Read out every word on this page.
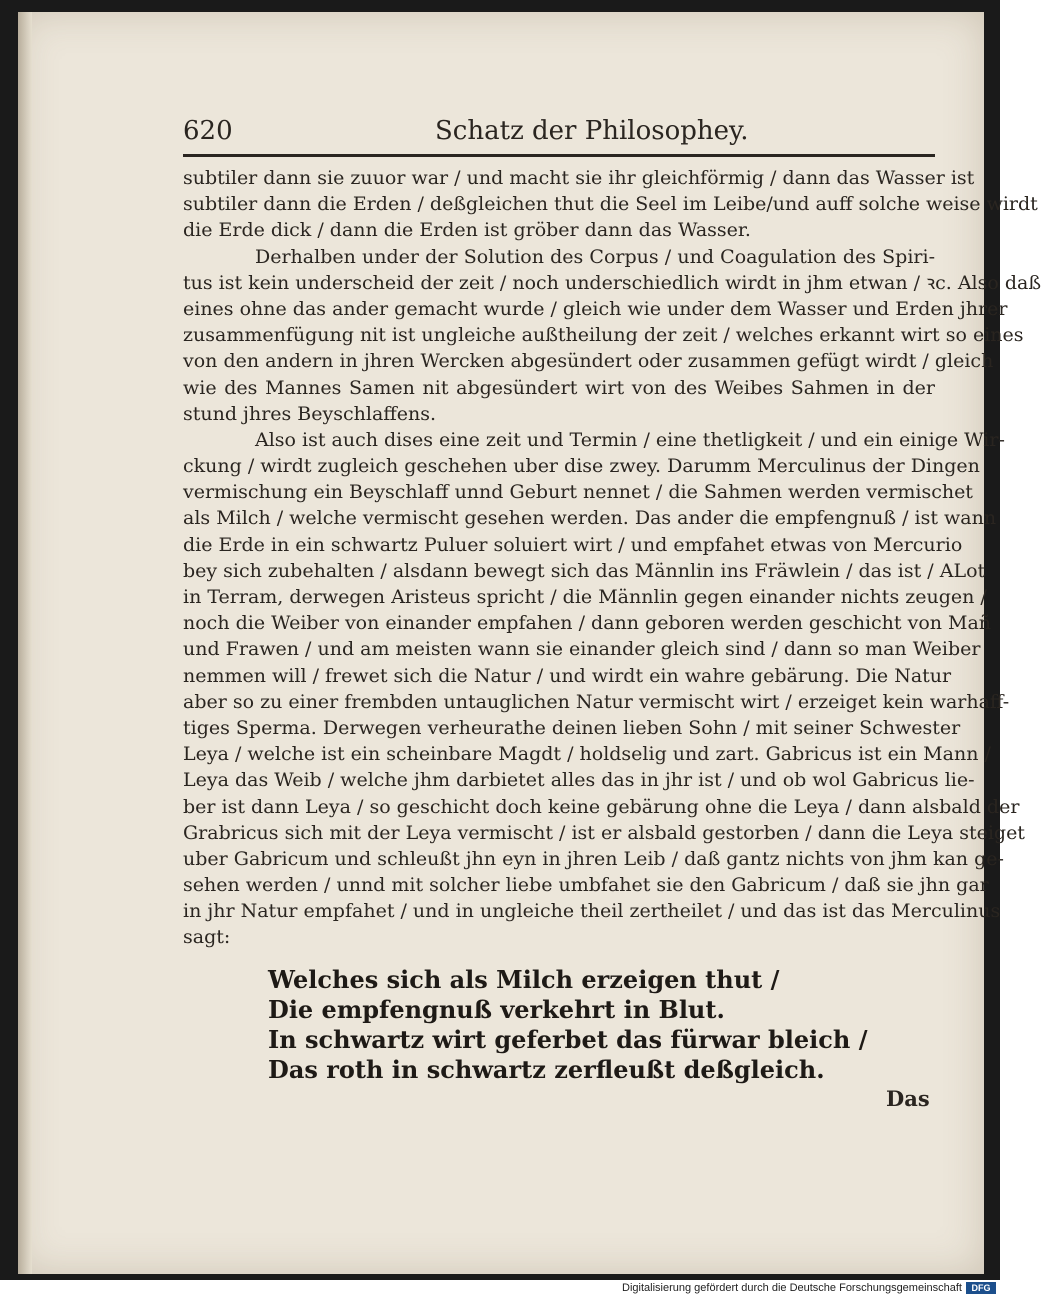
620	Schatz der Philosophey.
subtiler dann sie zuuor war / und macht sie ihr gleichförmig / dann das Wasser ist
subtiler dann die Erden / deßgleichen thut die Seel im Leibe/und auff solche weise wirdt
die Erde dick / dann die Erden ist gröber dann das Wasser.
Derhalben under der Solution des Corpus / und Coagulation des Spiri-
tus ist kein underscheid der zeit / noch underschiedlich wirdt in jhm etwan / ꝛc. Also daß
eines ohne das ander gemacht wurde / gleich wie under dem Wasser und Erden jhrer
zusammenfügung nit ist ungleiche außtheilung der zeit / welches erkannt wirt so eines
von den andern in jhren Wercken abgesündert oder zusammen gefügt wirdt / gleich
wie des Mannes Samen nit abgesündert wirt von des Weibes Sahmen in der
stund jhres Beyschlaffens.
Also ist auch dises eine zeit und Termin / eine thetligkeit / und ein einige Wir-
ckung / wirdt zugleich geschehen uber dise zwey. Darumm Merculinus der Dingen
vermischung ein Beyschlaff unnd Geburt nennet / die Sahmen werden vermischet
als Milch / welche vermischt gesehen werden. Das ander die empfengnuß / ist wann
die Erde in ein schwartz Puluer soluiert wirt / und empfahet etwas von Mercurio
bey sich zubehalten / alsdann bewegt sich das Männlin ins Fräwlein / das ist / ALot
in Terram, derwegen Aristeus spricht / die Männlin gegen einander nichts zeugen /
noch die Weiber von einander empfahen / dann geboren werden geschicht von Mañ
und Frawen / und am meisten wann sie einander gleich sind / dann so man Weiber
nemmen will / frewet sich die Natur / und wirdt ein wahre gebärung. Die Natur
aber so zu einer frembden untauglichen Natur vermischt wirt / erzeiget kein warhaff-
tiges Sperma. Derwegen verheurathe deinen lieben Sohn / mit seiner Schwester
Leya / welche ist ein scheinbare Magdt / holdselig und zart. Gabricus ist ein Mann /
Leya das Weib / welche jhm darbietet alles das in jhr ist / und ob wol Gabricus lie-
ber ist dann Leya / so geschicht doch keine gebärung ohne die Leya / dann alsbald der
Grabricus sich mit der Leya vermischt / ist er alsbald gestorben / dann die Leya steiget
uber Gabricum und schleußt jhn eyn in jhren Leib / daß gantz nichts von jhm kan ge-
sehen werden / unnd mit solcher liebe umbfahet sie den Gabricum / daß sie jhn gar
in jhr Natur empfahet / und in ungleiche theil zertheilet / und das ist das Merculinus
sagt:
Welches sich als Milch erzeigen thut /
Die empfengnuß verkehrt in Blut.
In schwartz wirt geferbet das fürwar bleich /
Das roth in schwartz zerfleußt deßgleich.
Das
Digitalisierung gefördert durch die Deutsche Forschungsgemeinschaft	DFG
